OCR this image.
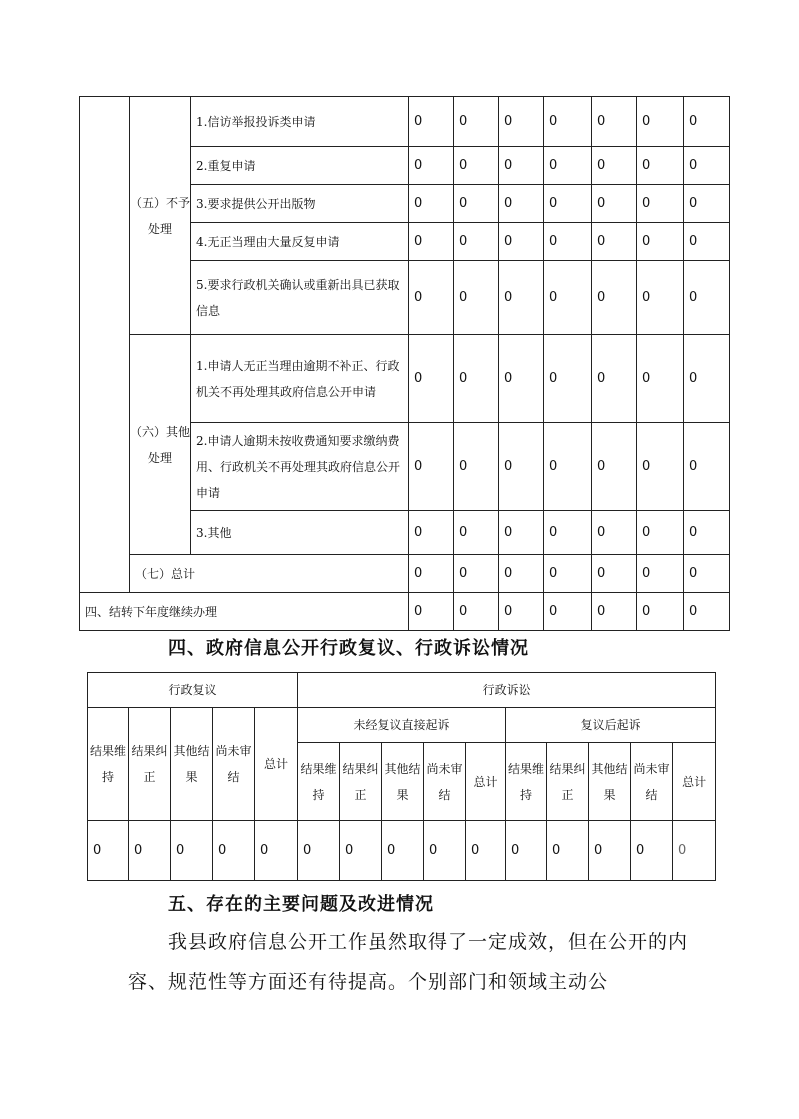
	（五）不予处理	1.信访举报投诉类申请	0	0	0	0	0	0	0
		2.重复申请	0	0	0	0	0	0	0
		3.要求提供公开出版物	0	0	0	0	0	0	0
		4.无正当理由大量反复申请	0	0	0	0	0	0	0
		5.要求行政机关确认或重新出具已获取信息	0	0	0	0	0	0	0
	（六）其他处理	1.申请人无正当理由逾期不补正、行政机关不再处理其政府信息公开申请	0	0	0	0	0	0	0
		2.申请人逾期未按收费通知要求缴纳费用、行政机关不再处理其政府信息公开申请	0	0	0	0	0	0	0
		3.其他	0	0	0	0	0	0	0
	（七）总计		0	0	0	0	0	0	0
四、结转下年度继续办理			0	0	0	0	0	0	0
四、政府信息公开行政复议、行政诉讼情况
行政复议					行政诉讼									
结果维持	结果纠正	其他结果	尚未审结	总计	未经复议直接起诉					复议后起诉				
					结果维持	结果纠正	其他结果	尚未审结	总计	结果维持	结果纠正	其他结果	尚未审结	总计
0	0	0	0	0	0	0	0	0	0	0	0	0	0	0
五、存在的主要问题及改进情况

我县政府信息公开工作虽然取得了一定成效，但在公开的内容、规范性等方面还有待提高。个别部门和领域主动公
